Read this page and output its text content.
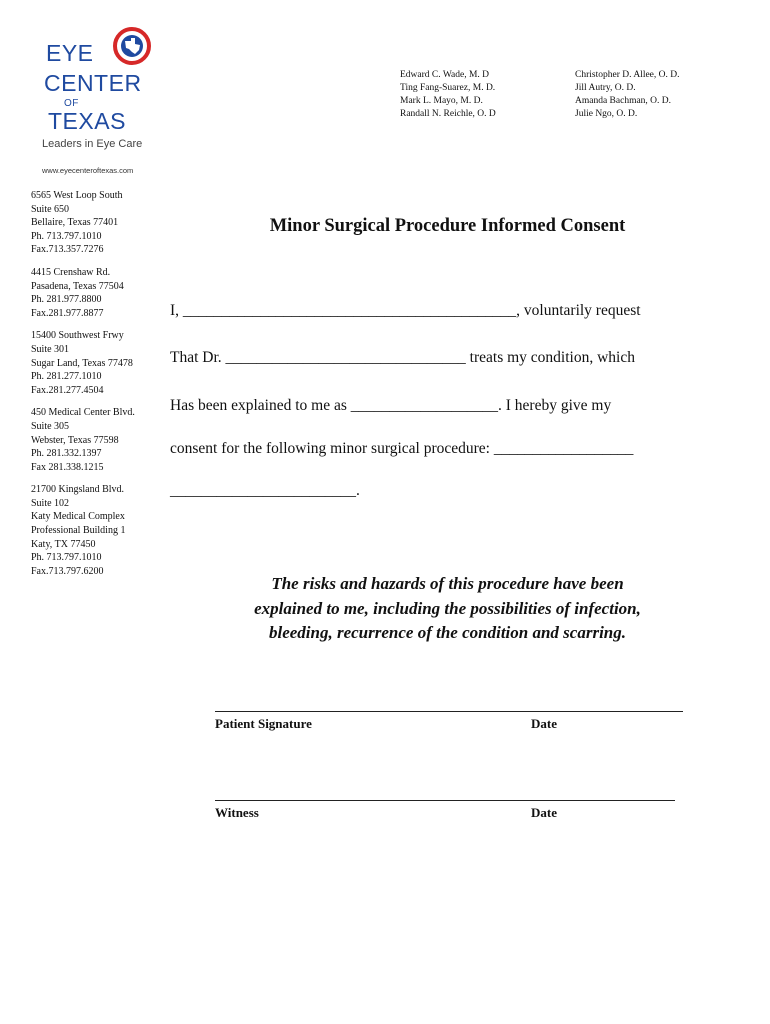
EYE
CENTER
OF
TEXAS
Leaders in Eye Care
www.eyecenteroftexas.com
Edward C. Wade, M. D
Ting Fang-Suarez, M. D.
Mark L. Mayo, M. D.
Randall N. Reichle, O. D
Christopher D. Allee, O. D.
Jill Autry, O. D.
Amanda Bachman, O. D.
Julie Ngo, O. D.
6565 West Loop South
Suite 650
Bellaire, Texas 77401
Ph. 713.797.1010
Fax.713.357.7276
4415 Crenshaw Rd.
Pasadena, Texas 77504
Ph. 281.977.8800
Fax.281.977.8877
15400 Southwest Frwy
Suite 301
Sugar Land, Texas 77478
Ph. 281.277.1010
Fax.281.277.4504
450 Medical Center Blvd.
Suite 305
Webster, Texas 77598
Ph. 281.332.1397
Fax 281.338.1215
21700 Kingsland Blvd.
Suite 102
Katy Medical Complex
Professional Building 1
Katy, TX 77450
Ph. 713.797.1010
Fax.713.797.6200
Minor Surgical Procedure Informed Consent
I, ___________________________________________, voluntarily request
That Dr. _______________________________ treats my condition, which
Has been explained to me as ___________________. I hereby give my
consent for the following minor surgical procedure: __________________
________________________.
The risks and hazards of this procedure have been
explained to me, including the possibilities of infection,
bleeding, recurrence of the condition and scarring.
Patient Signature	Date
Witness	Date
